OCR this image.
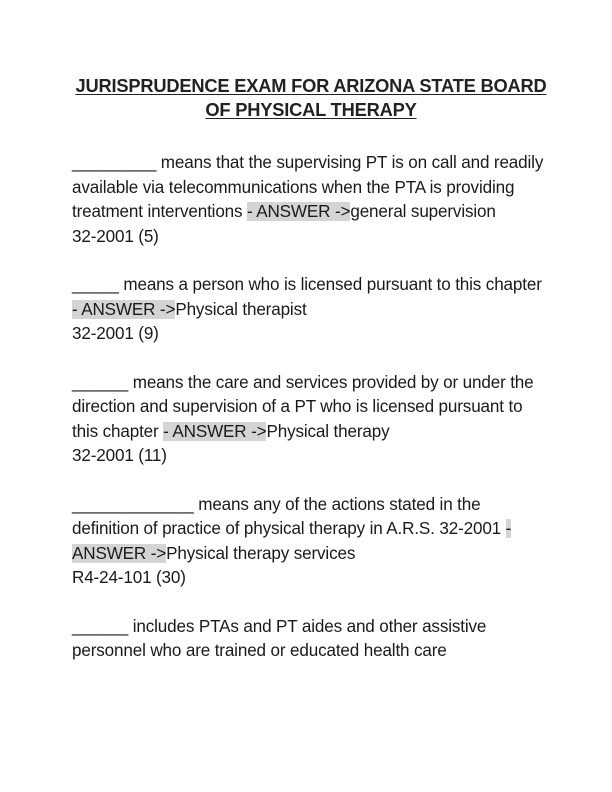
JURISPRUDENCE EXAM FOR ARIZONA STATE BOARD
OF PHYSICAL THERAPY

_________ means that the supervising PT is on call and readily available via telecommunications when the PTA is providing treatment interventions - ANSWER ->general supervision
32-2001 (5)

_____ means a person who is licensed pursuant to this chapter - ANSWER ->Physical therapist
32-2001 (9)

______ means the care and services provided by or under the direction and supervision of a PT who is licensed pursuant to this chapter - ANSWER ->Physical therapy
32-2001 (11)

_____________ means any of the actions stated in the definition of practice of physical therapy in A.R.S. 32-2001 - ANSWER ->Physical therapy services
R4-24-101 (30)

______ includes PTAs and PT aides and other assistive personnel who are trained or educated health care
